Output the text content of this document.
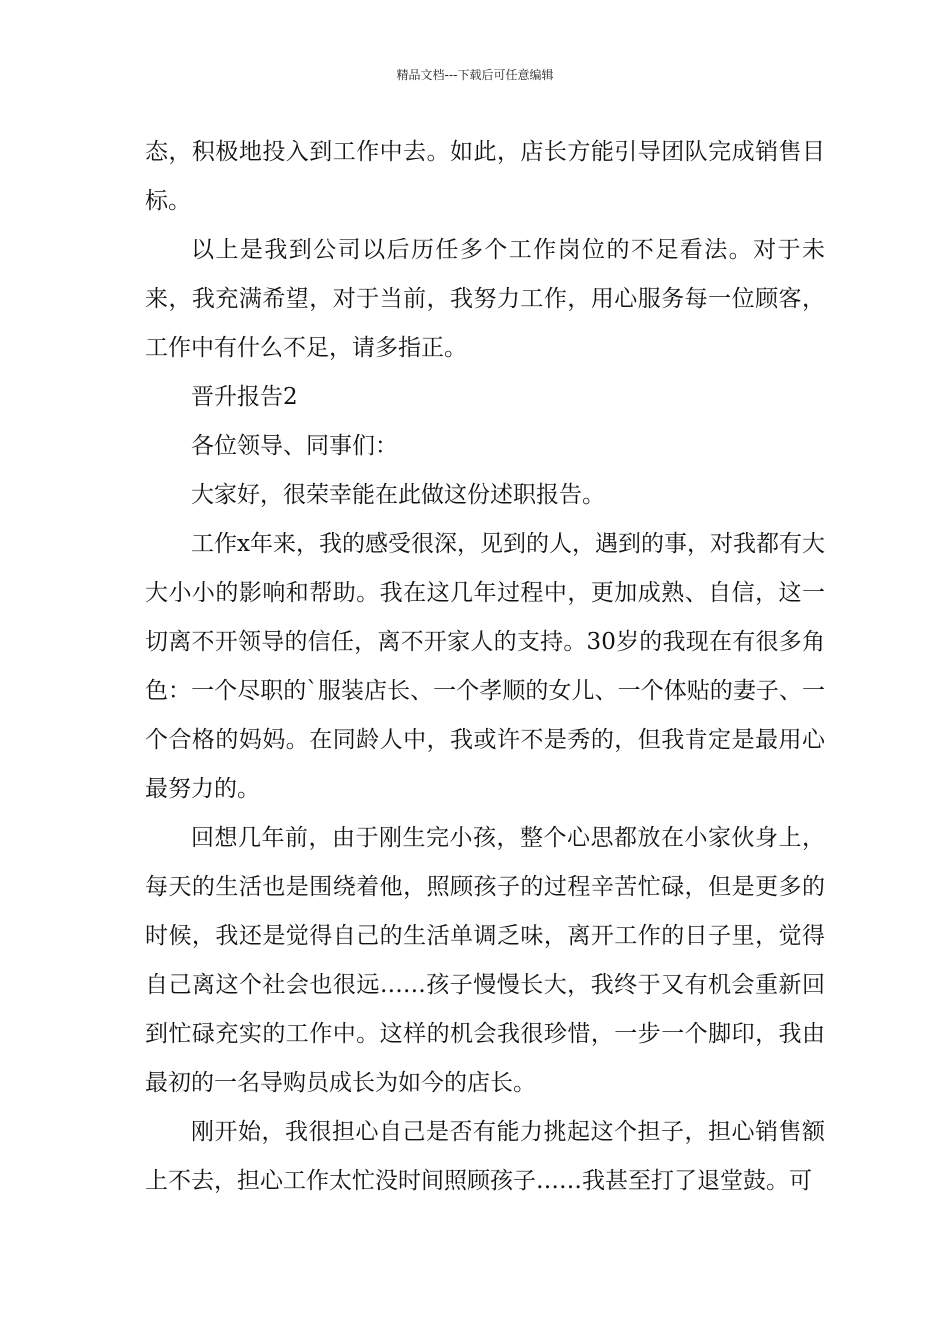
精品文档---下载后可任意编辑

态，积极地投入到工作中去。如此，店长方能引导团队完成销售目标。

以上是我到公司以后历任多个工作岗位的不足看法。对于未来，我充满希望，对于当前，我努力工作，用心服务每一位顾客，工作中有什么不足，请多指正。

晋升报告2

各位领导、同事们：

大家好，很荣幸能在此做这份述职报告。

工作x年来，我的感受很深，见到的人，遇到的事，对我都有大大小小的影响和帮助。我在这几年过程中，更加成熟、自信，这一切离不开领导的信任，离不开家人的支持。30岁的我现在有很多角色：一个尽职的`服装店长、一个孝顺的女儿、一个体贴的妻子、一个合格的妈妈。在同龄人中，我或许不是秀的，但我肯定是最用心最努力的。

回想几年前，由于刚生完小孩，整个心思都放在小家伙身上，每天的生活也是围绕着他，照顾孩子的过程辛苦忙碌，但是更多的时候，我还是觉得自己的生活单调乏味，离开工作的日子里，觉得自己离这个社会也很远……孩子慢慢长大，我终于又有机会重新回到忙碌充实的工作中。这样的机会我很珍惜，一步一个脚印，我由最初的一名导购员成长为如今的店长。

刚开始，我很担心自己是否有能力挑起这个担子，担心销售额上不去，担心工作太忙没时间照顾孩子……我甚至打了退堂鼓。可
